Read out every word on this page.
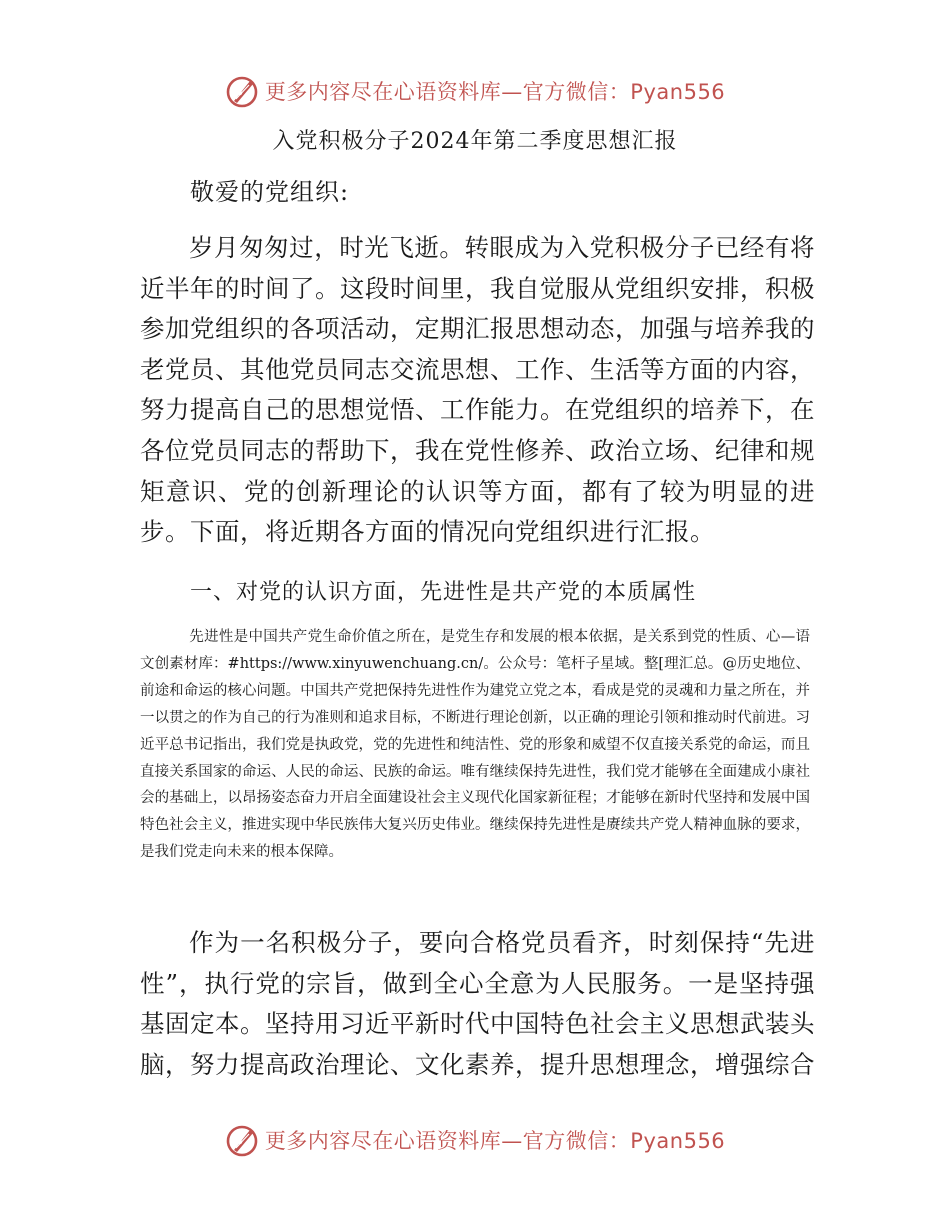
更多内容尽在心语资料库—官方微信：Pyan556
入党积极分子2024年第二季度思想汇报
敬爱的党组织:

岁月匆匆过，时光飞逝。转眼成为入党积极分子已经有将近半年的时间了。这段时间里，我自觉服从党组织安排，积极参加党组织的各项活动，定期汇报思想动态，加强与培养我的老党员、其他党员同志交流思想、工作、生活等方面的内容，努力提高自己的思想觉悟、工作能力。在党组织的培养下，在各位党员同志的帮助下，我在党性修养、政治立场、纪律和规矩意识、党的创新理论的认识等方面，都有了较为明显的进步。下面，将近期各方面的情况向党组织进行汇报。

一、对党的认识方面，先进性是共产党的本质属性

先进性是中国共产党生命价值之所在，是党生存和发展的根本依据，是关系到党的性质、心—语文创素材库：#https://www.xinyuwenchuang.cn/。公众号：笔杆子星域。整[理汇总。@历史地位、前途和命运的核心问题。中国共产党把保持先进性作为建党立党之本，看成是党的灵魂和力量之所在，并一以贯之的作为自己的行为准则和追求目标，不断进行理论创新，以正确的理论引领和推动时代前进。习近平总书记指出，我们党是执政党，党的先进性和纯洁性、党的形象和威望不仅直接关系党的命运，而且直接关系国家的命运、人民的命运、民族的命运。唯有继续保持先进性，我们党才能够在全面建成小康社会的基础上，以昂扬姿态奋力开启全面建设社会主义现代化国家新征程；才能够在新时代坚持和发展中国特色社会主义，推进实现中华民族伟大复兴历史伟业。继续保持先进性是赓续共产党人精神血脉的要求，是我们党走向未来的根本保障。

作为一名积极分子，要向合格党员看齐，时刻保持“先进性”，执行党的宗旨，做到全心全意为人民服务。一是坚持强基固定本。坚持用习近平新时代中国特色社会主义思想武装头脑，努力提高政治理论、文化素养，提升思想理念，增强综合

更多内容尽在心语资料库—官方微信：Pyan556
